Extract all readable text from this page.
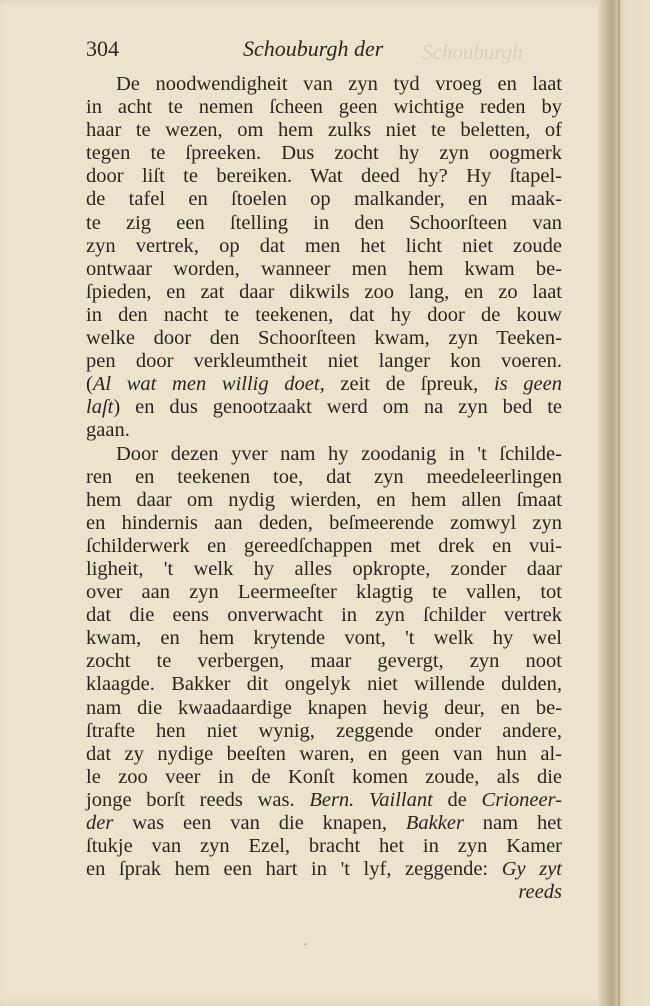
304	Schouburgh der Schouburgh
De noodwendigheit van zyn tyd vroeg en laat
in acht te nemen ſcheen geen wichtige reden by
haar te wezen, om hem zulks niet te beletten, of
tegen te ſpreeken. Dus zocht hy zyn oogmerk
door liſt te bereiken. Wat deed hy? Hy ſtapel-
de tafel en ſtoelen op malkander, en maak-
te zig een ſtelling in den Schoorſteen van
zyn vertrek, op dat men het licht niet zoude
ontwaar worden, wanneer men hem kwam be-
ſpieden, en zat daar dikwils zoo lang, en zo laat
in den nacht te teekenen, dat hy door de kouw
welke door den Schoorſteen kwam, zyn Teeken-
pen door verkleumtheit niet langer kon voeren.
(Al wat men willig doet, zeit de ſpreuk, is geen
laſt) en dus genootzaakt werd om na zyn bed te
gaan.
Door dezen yver nam hy zoodanig in 't ſchilde-
ren en teekenen toe, dat zyn meedeleerlingen
hem daar om nydig wierden, en hem allen ſmaat
en hindernis aan deden, beſmeerende zomwyl zyn
ſchilderwerk en gereedſchappen met drek en vui-
ligheit, 't welk hy alles opkropte, zonder daar
over aan zyn Leermeeſter klagtig te vallen, tot
dat die eens onverwacht in zyn ſchilder vertrek
kwam, en hem krytende vont, 't welk hy wel
zocht te verbergen, maar gevergt, zyn noot
klaagde. Bakker dit ongelyk niet willende dulden,
nam die kwaadaardige knapen hevig deur, en be-
ſtrafte hen niet wynig, zeggende onder andere,
dat zy nydige beeſten waren, en geen van hun al-
le zoo veer in de Konſt komen zoude, als die
jonge borſt reeds was. Bern. Vaillant de Crioneer-
der was een van die knapen, Bakker nam het
ſtukje van zyn Ezel, bracht het in zyn Kamer
en ſprak hem een hart in 't lyf, zeggende: Gy zyt
reeds
·
